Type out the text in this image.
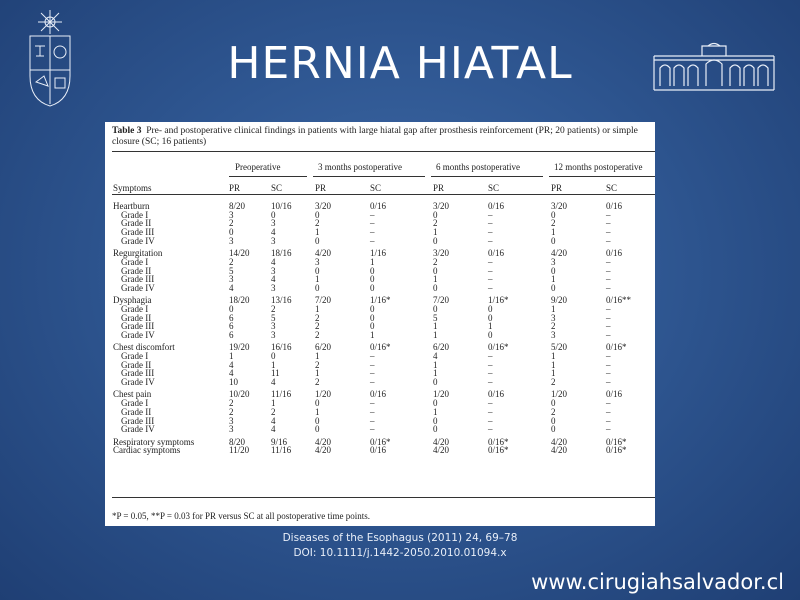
HERNIA HIATAL
Table 3 Pre- and postoperative clinical findings in patients with large hiatal gap after prosthesis reinforcement (PR; 20 patients) or simple closure (SC; 16 patients)
Symptoms
Preoperative	3 months postoperative	6 months postoperative	12 months postoperative
PR	SC	PR	SC	PR	SC	PR	SC
Heartburn	8/20	10/16	3/20	0/16	3/20	0/16	3/20	0/16
Grade I	3	0	0	–	0	–	0	–
Grade II	2	3	2	–	2	–	2	–
Grade III	0	4	1	–	1	–	1	–
Grade IV	3	3	0	–	0	–	0	–
Regurgitation	14/20 18/16	4/20	1/16	3/20	0/16	4/20	0/16
Grade I	2	4	3	1	2	–	3	–
Grade II	5	3	0	0	0	–	0	–
Grade III	3	4	1	0	1	–	1	–
Grade IV	4	3	0	0	0	–	0	–
Dysphagia	18/20 13/16	7/20	1/16*	7/20	1/16*	9/20	0/16**
Grade I	0	2	1	0	0	0	1	–
Grade II	6	5	2	0	5	0	3	–
Grade III	6	3	2	0	1	1	2	–
Grade IV	6	3	2	1	1	0	3	–
Chest discomfort	19/20 16/16	6/20	0/16*	6/20	0/16*	5/20	0/16*
Grade I	1	0	1	–	4	–	1	–
Grade II	4	1	2	–	1	–	1	–
Grade III	4	11	1	–	1	–	1	–
Grade IV	10	4	2	–	0	–	2	–
Chest pain	10/20 11/16	1/20	0/16	1/20	0/16	1/20	0/16
Grade I	2	1	0	–	0	–	0	–
Grade II	2	2	1	–	1	–	2	–
Grade III	3	4	0	–	0	–	0	–
Grade IV	3	4	0	–	0	–	0	–
Respiratory symptoms	8/20	9/16	4/20	0/16*	4/20	0/16*	4/20	0/16*
Cardiac symptoms	11/20 11/16	4/20	0/16	4/20	0/16*	4/20	0/16*
*P = 0.05, **P = 0.03 for PR versus SC at all postoperative time points.
Diseases of the Esophagus (2011) 24, 69–78
DOI: 10.1111/j.1442-2050.2010.01094.x
www.cirugiahsalvador.cl
